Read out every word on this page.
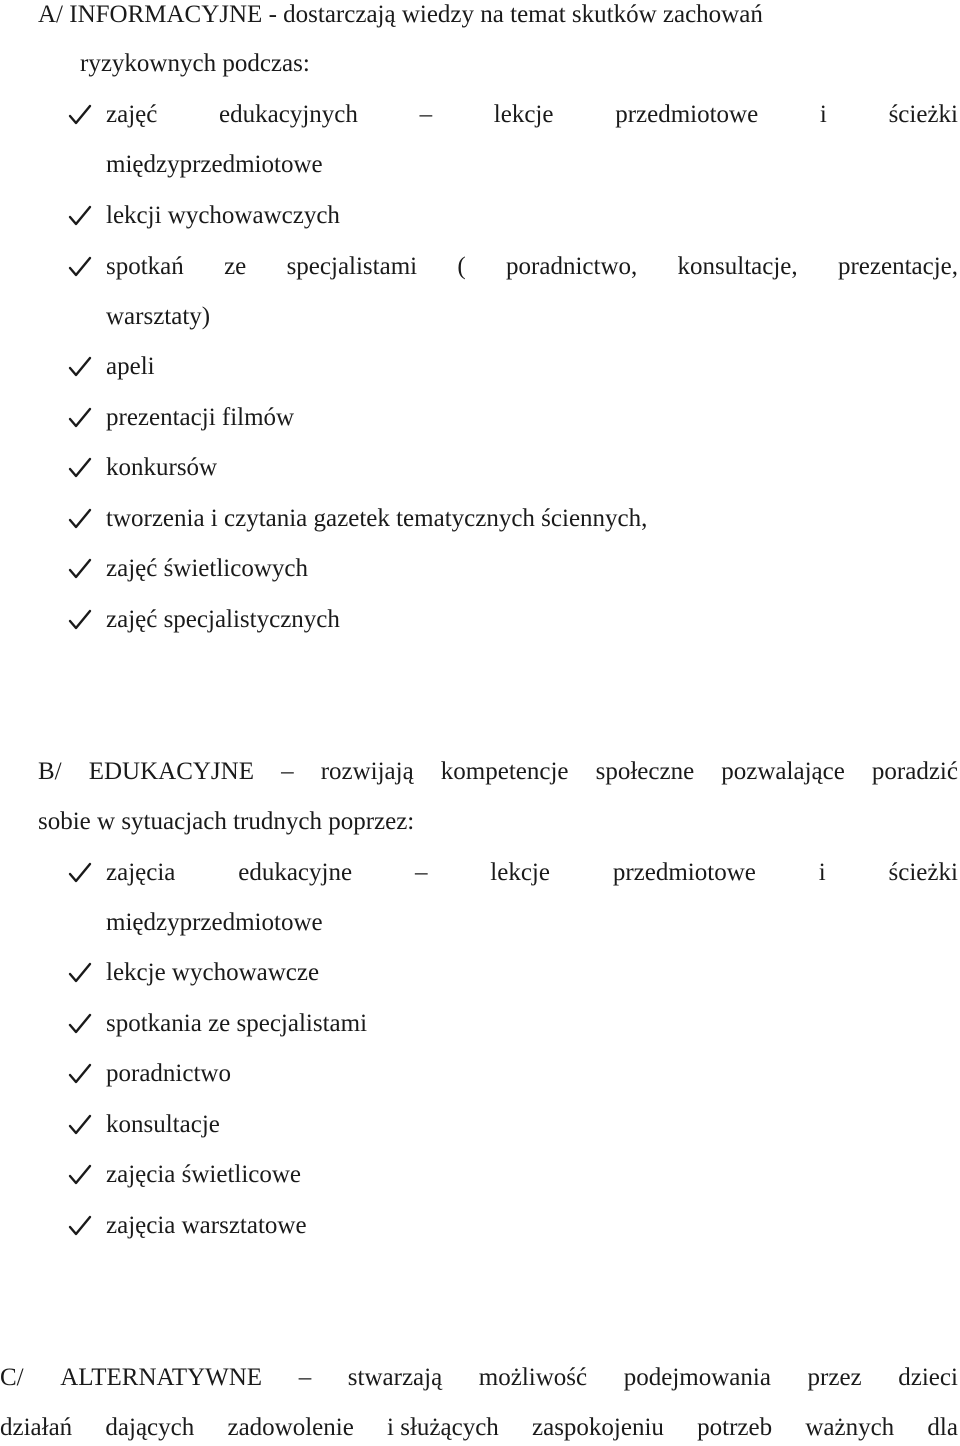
A/ INFORMACYJNE - dostarczają wiedzy na temat skutków zachowań
ryzykownych podczas:
zajęć edukacyjnych – lekcje przedmiotowe i ścieżki
międzyprzedmiotowe
lekcji wychowawczych
spotkań ze specjalistami ( poradnictwo, konsultacje, prezentacje,
warsztaty)
apeli
prezentacji filmów
konkursów
tworzenia i czytania gazetek tematycznych ściennych,
zajęć świetlicowych
zajęć specjalistycznych
B/ EDUKACYJNE – rozwijają kompetencje społeczne pozwalające poradzić
sobie w sytuacjach trudnych poprzez:
zajęcia	edukacyjne	–	lekcje	przedmiotowe	i	ścieżki
międzyprzedmiotowe
lekcje wychowawcze
spotkania ze specjalistami
poradnictwo
konsultacje
zajęcia świetlicowe
zajęcia warsztatowe
C/ ALTERNATYWNE – stwarzają możliwość podejmowania przez dzieci
działań dających zadowolenie i służących zaspokojeniu potrzeb ważnych dla
